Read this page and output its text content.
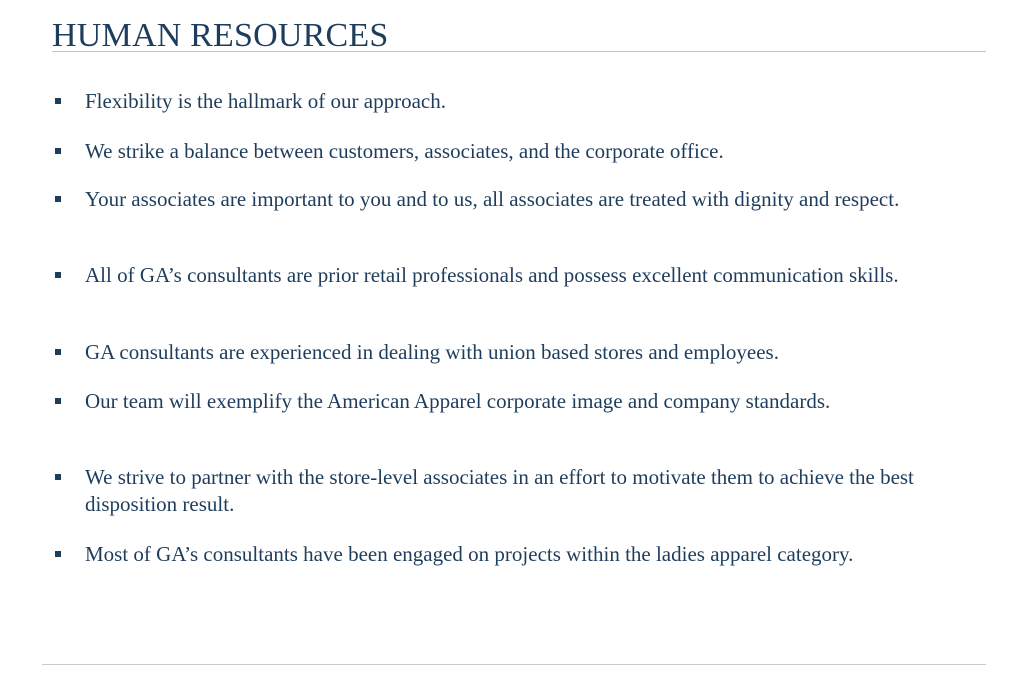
HUMAN RESOURCES
Flexibility is the hallmark of our approach.
We strike a balance between customers, associates, and the corporate office.
Your associates are important to you and to us, all associates are treated with dignity and respect.
All of GA’s consultants are prior retail professionals and possess excellent communication skills.
GA consultants are experienced in dealing with union based stores and employees.
Our team will exemplify the American Apparel corporate image and company standards.
We strive to partner with the store-level associates in an effort to motivate them to achieve the best disposition result.
Most of GA’s consultants have been engaged on projects within the ladies apparel category.
